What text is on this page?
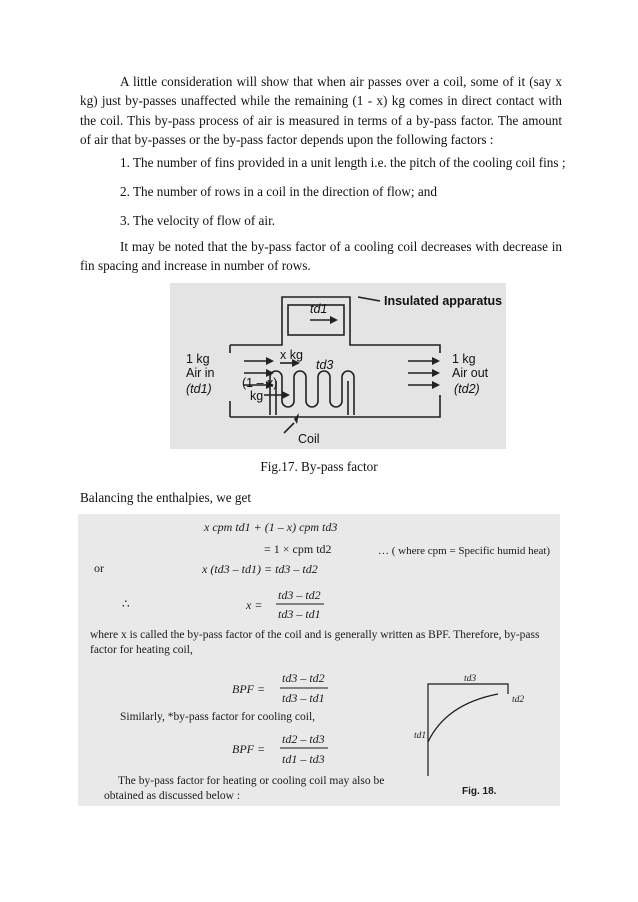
A little consideration will show that when air passes over a coil, some of it (say x kg) just by-passes unaffected while the remaining (1 - x) kg comes in direct contact with the coil. This by-pass process of air is measured in terms of a by-pass factor. The amount of air that by-passes or the by-pass factor depends upon the following factors :

1. The number of fins provided in a unit length i.e. the pitch of the cooling coil fins ;

2. The number of rows in a coil in the direction of flow; and

3. The velocity of flow of air.

It may be noted that the by-pass factor of a cooling coil decreases with decrease in fin spacing and increase in number of rows.

Insulated apparatus
td1
1 kg
Air in
(td1)
x kg
td3
(1 – x)
kg
Coil
1 kg
Air out
(td2)
Fig.17. By-pass factor
Balancing the enthalpies, we get
x cpm td1 + (1 – x) cpm td3
= 1 × cpm td2	… ( where cpm = Specific humid heat)
or	x (td3 – td1) = td3 – td2
∴	x =
td3 – td2
td3 – td1
where x is called the by-pass factor of the coil and is generally written as BPF. Therefore, by-pass
factor for heating coil,
BPF =
td3 – td2
td3 – td1
Similarly, *by-pass factor for cooling coil,
BPF =
td2 – td3
td1 – td3
The by-pass factor for heating or cooling coil may also be
obtained as discussed below :
td3
td2
td1
Fig. 18.
